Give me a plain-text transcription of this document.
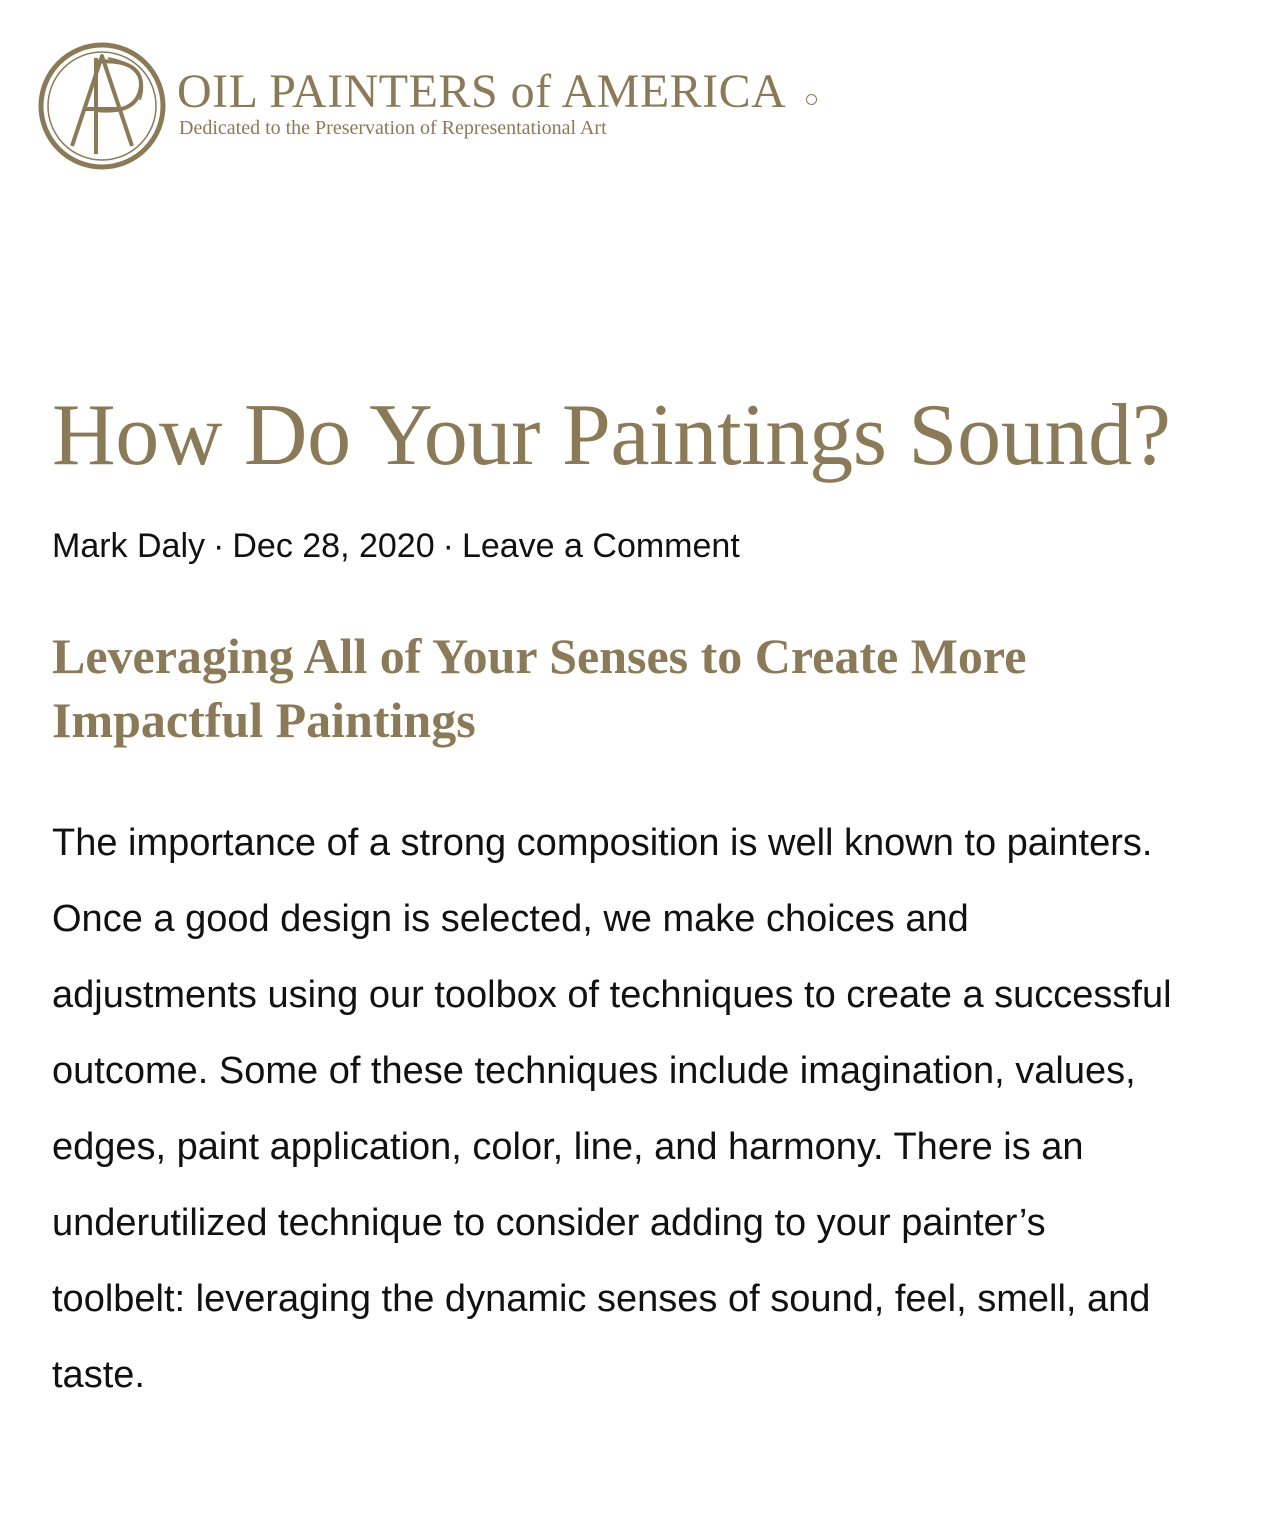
OIL PAINTERS of AMERICA
Dedicated to the Preservation of Representational Art
How Do Your Paintings Sound?
Mark Daly · Dec 28, 2020 · Leave a Comment
Leveraging All of Your Senses to Create More Impactful Paintings

The importance of a strong composition is well known to painters. Once a good design is selected, we make choices and adjustments using our toolbox of techniques to create a successful outcome. Some of these techniques include imagination, values, edges, paint application, color, line, and harmony. There is an underutilized technique to consider adding to your painter’s toolbelt: leveraging the dynamic senses of sound, feel, smell, and taste.
